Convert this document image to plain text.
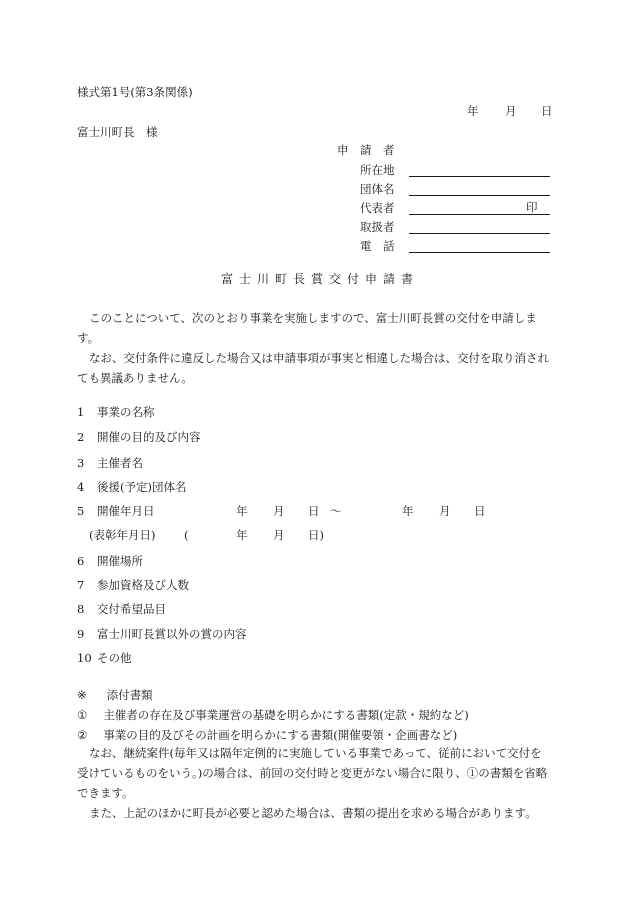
様式第1号(第3条関係)
年 月 日
富士川町長　様
申　請　者
所在地
団体名
代表者	印
取扱者
電　話
富士川町長賞交付申請書
このことについて、次のとおり事業を実施しますので、富士川町長賞の交付を申請します。
なお、交付条件に違反した場合又は申請事項が事実と相違した場合は、交付を取り消されても異議ありません。
1 事業の名称
2 開催の目的及び内容
3 主催者名
4 後援(予定)団体名
5 開催年月日	年 月 日 ～	年 月 日
(表彰年月日) (	年 月 日)
6 開催場所
7 参加資格及び人数
8 交付希望品目
9 富士川町長賞以外の賞の内容
10 その他
※ 添付書類
① 主催者の存在及び事業運営の基礎を明らかにする書類(定款・規約など)
② 事業の目的及びその計画を明らかにする書類(開催要領・企画書など)
なお、継続案件(毎年又は隔年定例的に実施している事業であって、従前において交付を受けているものをいう。)の場合は、前回の交付時と変更がない場合に限り、①の書類を省略できます。
また、上記のほかに町長が必要と認めた場合は、書類の提出を求める場合があります。
